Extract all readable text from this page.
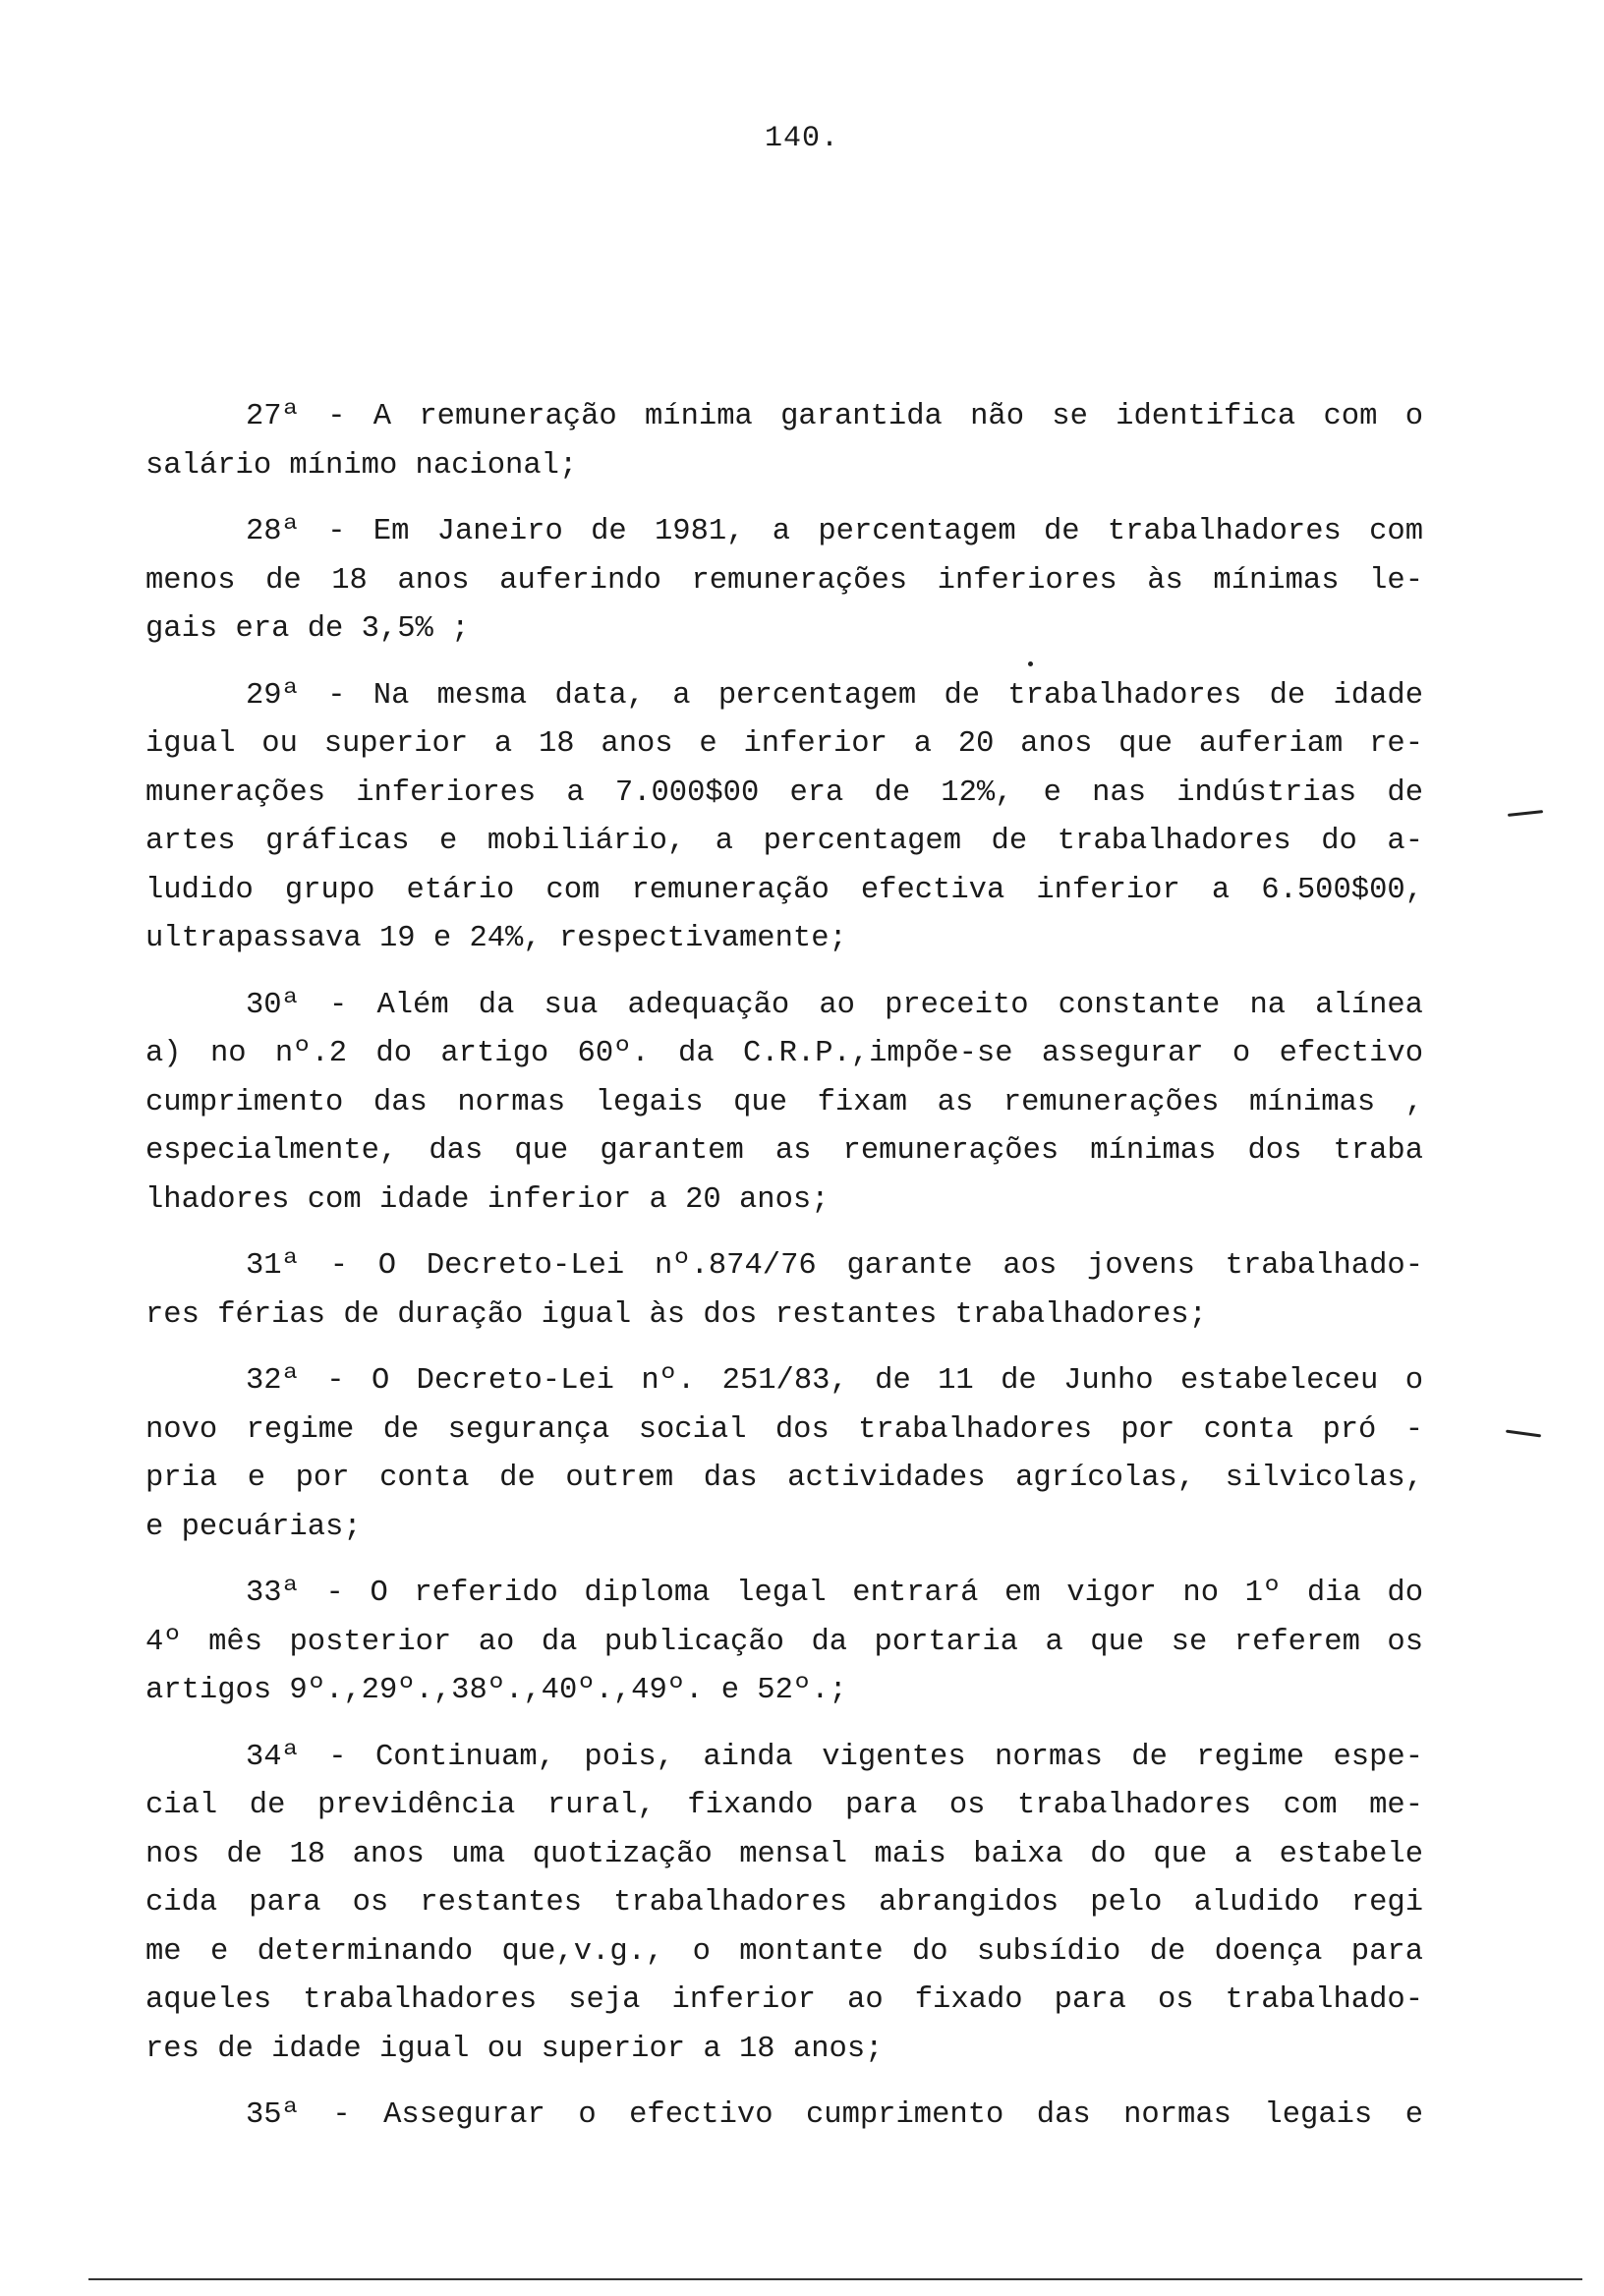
140.
27ª - A remuneração mínima garantida não se identifica com o
salário mínimo nacional;
28ª - Em Janeiro de 1981, a percentagem de trabalhadores com
menos de 18 anos auferindo remunerações inferiores às mínimas le-
gais era de 3,5% ;
29ª - Na mesma data, a percentagem de trabalhadores de idade
igual ou superior a 18 anos e inferior a 20 anos que auferiam re-
munerações inferiores a 7.000$00 era de 12%, e nas indústrias de
artes gráficas e mobiliário, a percentagem de trabalhadores do a-
ludido grupo etário com remuneração efectiva inferior a 6.500$00,
ultrapassava 19 e 24%, respectivamente;
30ª - Além da sua adequação ao preceito constante na alínea
a) no nº.2 do artigo 60º. da C.R.P.,impõe-se assegurar o efectivo
cumprimento das normas legais que fixam as remunerações mínimas ,
especialmente, das que garantem as remunerações mínimas dos traba
lhadores com idade inferior a 20 anos;
31ª - O Decreto-Lei nº.874/76 garante aos jovens trabalhado-
res férias de duração igual às dos restantes trabalhadores;
32ª - O Decreto-Lei nº. 251/83, de 11 de Junho estabeleceu o
novo regime de segurança social dos trabalhadores por conta pró -
pria e por conta de outrem das actividades agrícolas, silvicolas,
e pecuárias;
33ª - O referido diploma legal entrará em vigor no 1º dia do
4º mês posterior ao da publicação da portaria a que se referem os
artigos 9º.,29º.,38º.,40º.,49º. e 52º.;
34ª - Continuam, pois, ainda vigentes normas de regime espe-
cial de previdência rural, fixando para os trabalhadores com me-
nos de 18 anos uma quotização mensal mais baixa do que a estabele
cida para os restantes trabalhadores abrangidos pelo aludido regi
me e determinando que,v.g., o montante do subsídio de doença para
aqueles trabalhadores seja inferior ao fixado para os trabalhado-
res de idade igual ou superior a 18 anos;
35ª - Assegurar o efectivo cumprimento das normas legais e
